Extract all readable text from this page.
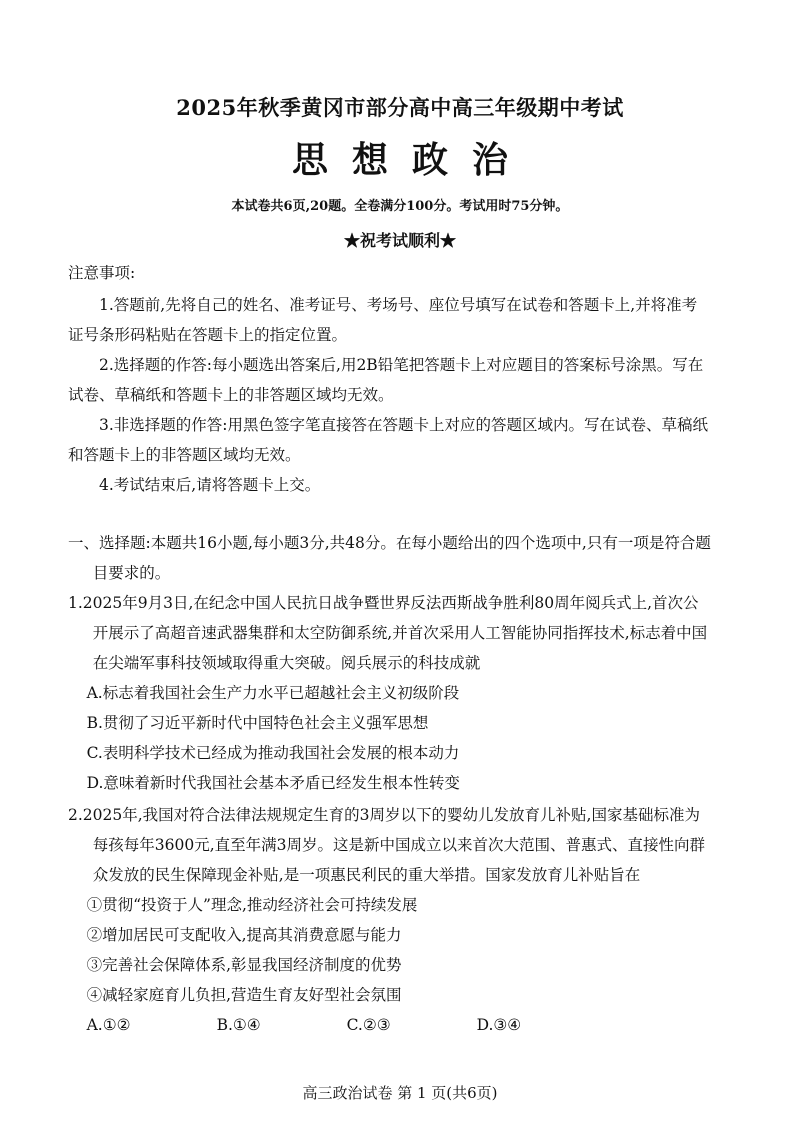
2025年秋季黄冈市部分高中高三年级期中考试
思想政治
本试卷共6页,20题。全卷满分100分。考试用时75分钟。
★祝考试顺利★
注意事项:

1.答题前,先将自己的姓名、准考证号、考场号、座位号填写在试卷和答题卡上,并将准考证号条形码粘贴在答题卡上的指定位置。

2.选择题的作答:每小题选出答案后,用2B铅笔把答题卡上对应题目的答案标号涂黑。写在试卷、草稿纸和答题卡上的非答题区域均无效。

3.非选择题的作答:用黑色签字笔直接答在答题卡上对应的答题区域内。写在试卷、草稿纸和答题卡上的非答题区域均无效。

4.考试结束后,请将答题卡上交。

一、选择题:本题共16小题,每小题3分,共48分。在每小题给出的四个选项中,只有一项是符合题目要求的。

1.2025年9月3日,在纪念中国人民抗日战争暨世界反法西斯战争胜利80周年阅兵式上,首次公开展示了高超音速武器集群和太空防御系统,并首次采用人工智能协同指挥技术,标志着中国在尖端军事科技领域取得重大突破。阅兵展示的科技成就

A.标志着我国社会生产力水平已超越社会主义初级阶段

B.贯彻了习近平新时代中国特色社会主义强军思想

C.表明科学技术已经成为推动我国社会发展的根本动力

D.意味着新时代我国社会基本矛盾已经发生根本性转变

2.2025年,我国对符合法律法规规定生育的3周岁以下的婴幼儿发放育儿补贴,国家基础标准为每孩每年3600元,直至年满3周岁。这是新中国成立以来首次大范围、普惠式、直接性向群众发放的民生保障现金补贴,是一项惠民利民的重大举措。国家发放育儿补贴旨在

①贯彻“投资于人”理念,推动经济社会可持续发展

②增加居民可支配收入,提高其消费意愿与能力

③完善社会保障体系,彰显我国经济制度的优势

④减轻家庭育儿负担,营造生育友好型社会氛围

A.①②	B.①④	C.②③	D.③④
高三政治试卷 第 1 页(共6页)
